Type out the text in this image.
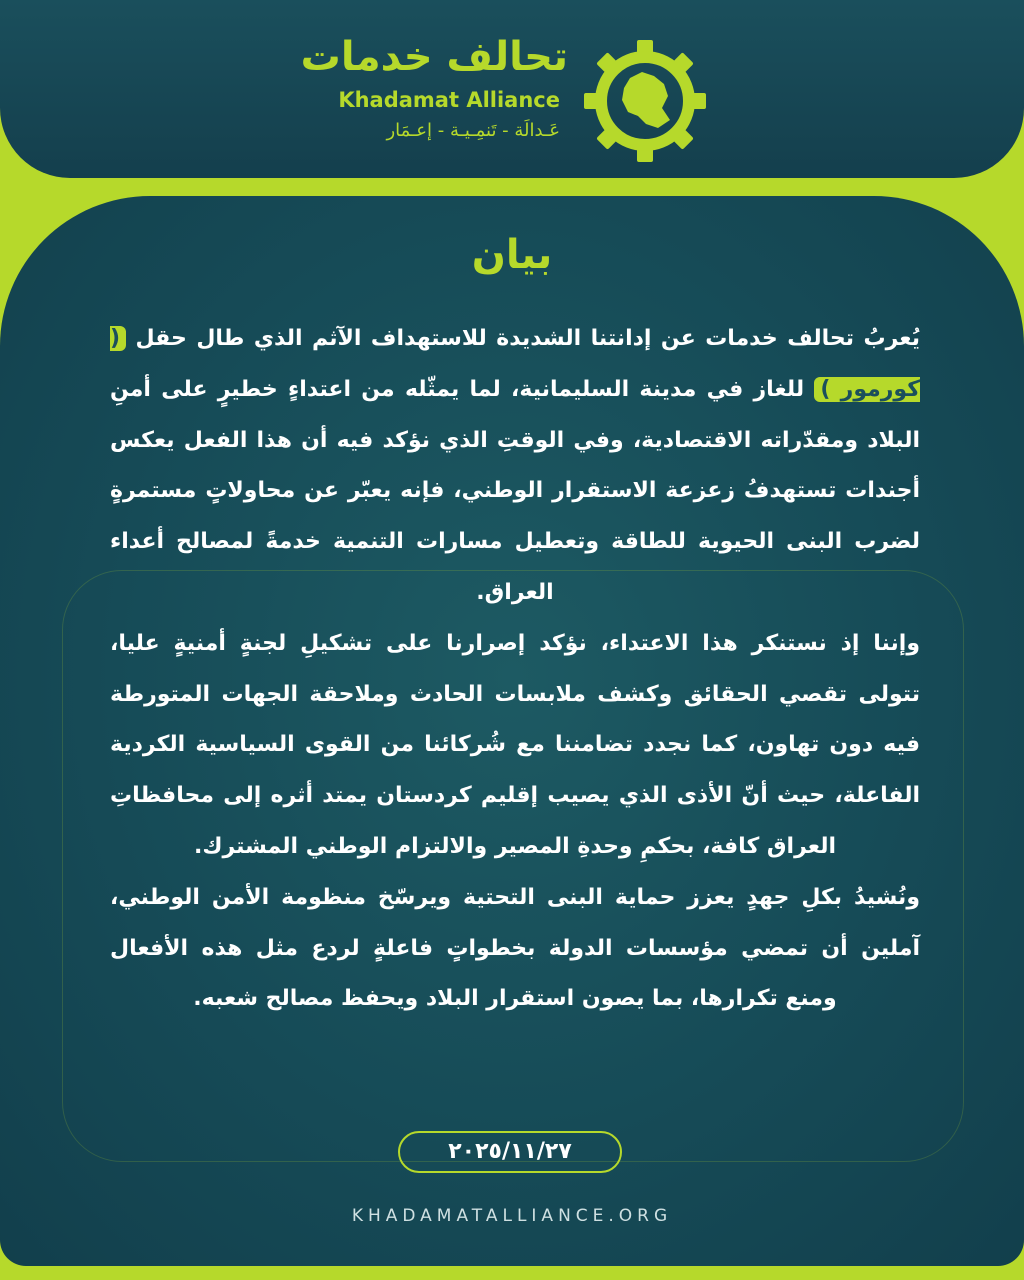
تحالف خدمات
Khadamat Alliance
عَـدالَة - تَنمِـيـة - إعـمَار
بيان

يُعربُ تحالف خدمات عن إدانتنا الشديدة للاستهداف الآثم الذي طال حقل ( كورمور ) للغاز في مدينة السليمانية، لما يمثّله من اعتداءٍ خطيرٍ على أمنِ البلاد ومقدّراته الاقتصادية، وفي الوقتِ الذي نؤكد فيه أن هذا الفعل يعكس أجندات تستهدفُ زعزعة الاستقرار الوطني، فإنه يعبّر عن محاولاتٍ مستمرةٍ لضرب البنى الحيوية للطاقة وتعطيل مسارات التنمية خدمةً لمصالح أعداء العراق.

وإننا إذ نستنكر هذا الاعتداء، نؤكد إصرارنا على تشكيلِ لجنةٍ أمنيةٍ عليا، تتولى تقصي الحقائق وكشف ملابسات الحادث وملاحقة الجهات المتورطة فيه دون تهاون، كما نجدد تضامننا مع شُركائنا من القوى السياسية الكردية الفاعلة، حيث أنّ الأذى الذي يصيب إقليم كردستان يمتد أثره إلى محافظاتِ العراق كافة، بحكمِ وحدةِ المصير والالتزام الوطني المشترك.

ونُشيدُ بكلِ جهدٍ يعزز حماية البنى التحتية ويرسّخ منظومة الأمن الوطني، آملين أن تمضي مؤسسات الدولة بخطواتٍ فاعلةٍ لردع مثل هذه الأفعال ومنع تكرارها، بما يصون استقرار البلاد ويحفظ مصالح شعبه.

٢٠٢٥/١١/٢٧
KHADAMATALLIANCE.ORG
